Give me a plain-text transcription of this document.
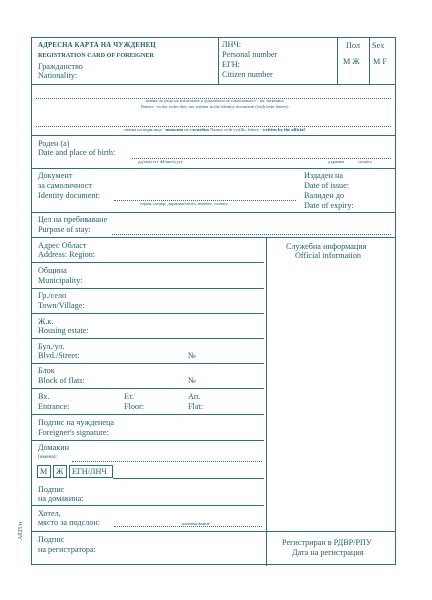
АДРЕСНА КАРТА НА ЧУЖДЕНЕЦ
REGISTRATION CARD OF FOREIGNER
Гражданство
Nationality:
ЛНЧ:
Personal number
ЕГН:
Citizen number
Пол Sex
М Ж M F
имена по реда на изписване в документа за самоличност - на латиница
Names - in the order they are written in the identity document (with latin letters)
имена на кирилица - попълва се служебно Names with cyrillic letters - written by the official
Роден (а)
Date and place of birth:
дд/мм/гггг dd/mm/yyyy	държава	country
Документ
за самоличност
Identity document:
серия, номер, държава/series, number, country
Издаден на
Date of issue:
Валиден до
Date of expiry:
Цел на пребиваване
Purpose of stay:
Служебна информация
Official information
Адрес Област
Address: Region:
Община
Municipality:
Гр./село
Town/Village:
Ж.к.
Housing estate:
Бул./ул.
Blvd./Street:	№
Блок
Block of flats:	№
Вх.
Entrance:
Ет.
Floor:
Ап.
Flat:
Подпис на чужденеца
Foreigner's signature:
Домакин
(имена):
М Ж ЕГН/ЛНЧ
Подпис
на домакина:
Хотел,
място за подслон:	наименование
Подпис
на регистратора:
Регистриран в РДВР/РПУ
Дата на регистрация
А825/н
